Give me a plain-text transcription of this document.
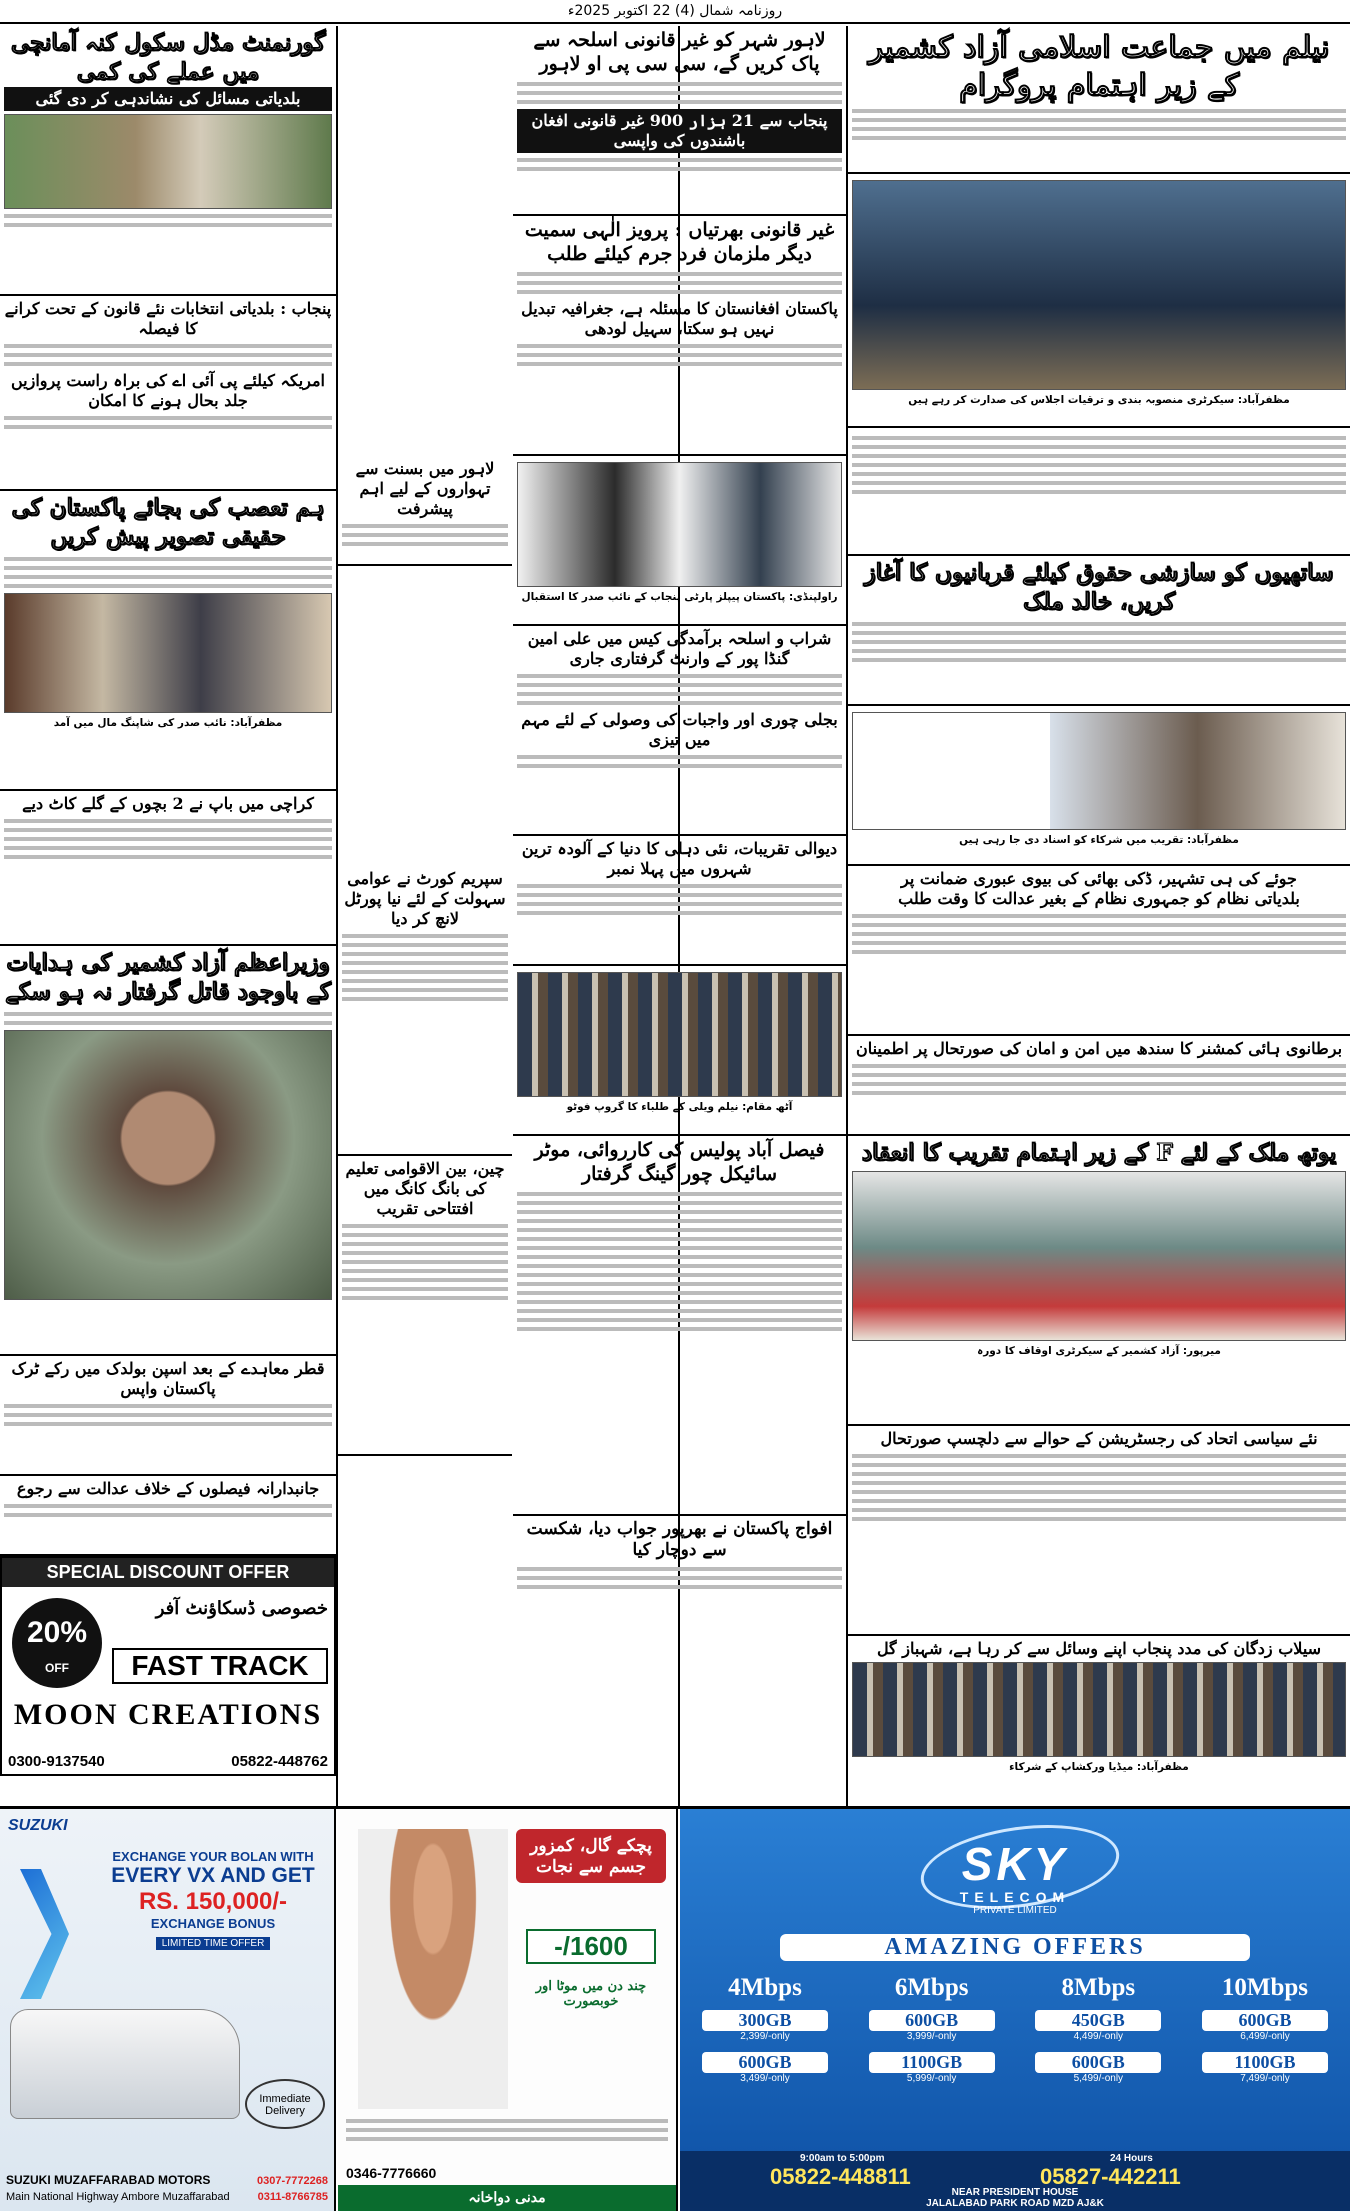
روزنامہ شمال (4) 22 اکتوبر 2025ء
نیلم میں جماعت اسلامی آزاد کشمیر کے زیر اہتمام پروگرام
مظفرآباد: سیکرٹری منصوبہ بندی و ترقیات اجلاس کی صدارت کر رہے ہیں
ساتھیوں کو سازشی حقوق کیلئے قربانیوں کا آغاز کریں، خالد ملک
مظفرآباد: تقریب میں شرکاء کو اسناد دی جا رہی ہیں
جوئے کی ہی تشہیر، ڈکی بھائی کی بیوی عبوری ضمانت پر
بلدیاتی نظام کو جمہوری نظام کے بغیر عدالت کا وقت طلب
برطانوی ہائی کمشنر کا سندھ میں امن و امان کی صورتحال پر اطمینان
یوتھ ملک کے لئے F کے زیر اہتمام تقریب کا انعقاد
میرپور: آزاد کشمیر کے سیکرٹری اوقاف کا دورہ
نئے سیاسی اتحاد کی رجسٹریشن کے حوالے سے دلچسپ صورتحال
سیلاب زدگان کی مدد پنجاب اپنے وسائل سے کر رہا ہے، شہباز گل
مظفرآباد: میڈیا ورکشاپ کے شرکاء
لاہور شہر کو غیر قانونی اسلحہ سے پاک کریں گے، سی سی پی او لاہور
پنجاب سے 21 ہزار 900 غیر قانونی افغان باشندوں کی واپسی
غیر قانونی بھرتیاں : پرویز الٰہی سمیت دیگر ملزمان فرد جرم کیلئے طلب
پاکستان افغانستان کا مسئلہ ہے، جغرافیہ تبدیل نہیں ہو سکتا، سہیل لودھی
راولپنڈی: پاکستان پیپلز پارٹی پنجاب کے نائب صدر کا استقبال
شراب و اسلحہ برآمدگی کیس میں علی امین گنڈا پور کے وارنٹ گرفتاری جاری
بجلی چوری اور واجبات کی وصولی کے لئے مہم میں تیزی
دیوالی تقریبات، نئی دہلی کا دنیا کے آلودہ ترین شہروں میں پہلا نمبر
آٹھ مقام: نیلم ویلی کے طلباء کا گروپ فوٹو
فیصل آباد پولیس کی کارروائی، موٹر سائیکل چور گینگ گرفتار
افواج پاکستان نے بھرپور جواب دیا، شکست سے دوچار کیا
لاہور میں بسنت سے تہواروں کے لیے اہم پیشرفت
سپریم کورٹ نے عوامی سہولت کے لئے نیا پورٹل لانچ کر دیا
چین، بین الاقوامی تعلیم کی بانگ کانگ میں افتتاحی تقریب
گورنمنٹ مڈل سکول کنہ آمانچی میں عملے کی کمی
بلدیاتی مسائل کی نشاندہی کر دی گئی
پنجاب : بلدیاتی انتخابات نئے قانون کے تحت کرانے کا فیصلہ
امریکہ کیلئے پی آئی اے کی براہ راست پروازیں جلد بحال ہونے کا امکان
ہم تعصب کی بجائے پاکستان کی حقیقی تصویر پیش کریں
مظفرآباد: نائب صدر کی شاپنگ مال میں آمد
کراچی میں باپ نے 2 بچوں کے گلے کاٹ دیے
وزیراعظم آزاد کشمیر کی ہدایات کے باوجود قاتل گرفتار نہ ہو سکے
قطر معاہدے کے بعد اسپن بولدک میں رکے ٹرک پاکستان واپس
جانبدارانہ فیصلوں کے خلاف عدالت سے رجوع
SPECIAL DISCOUNT OFFER
20%
OFF
خصوصی ڈسکاؤنٹ آفر
FAST TRACK
MOON CREATIONS
0300-9137540	05822-448762
SUZUKI
EXCHANGE YOUR BOLAN WITH
EVERY VX AND GET
RS. 150,000/-
EXCHANGE BONUS
LIMITED TIME OFFER
Immediate Delivery
SUZUKI MUZAFFARABAD MOTORS
Main National Highway Ambore Muzaffarabad
0307-7772268
0311-8766785
پچکے گال، کمزور جسم سے نجات
1600/-
چند دن میں موٹا اور خوبصورت
0346-7776660
مدنی دواخانہ
SKY
TELECOM
PRIVATE LIMITED
AMAZING OFFERS
4Mbps
300GB
2,399/-only
600GB
3,499/-only
6Mbps
600GB
3,999/-only
1100GB
5,999/-only
8Mbps
450GB
4,499/-only
600GB
5,499/-only
10Mbps
600GB
6,499/-only
1100GB
7,499/-only
9:00am to 5:00pm	24 Hours
05822-448811	05827-442211
NEAR PRESIDENT HOUSE
JALALABAD PARK ROAD MZD AJ&K
